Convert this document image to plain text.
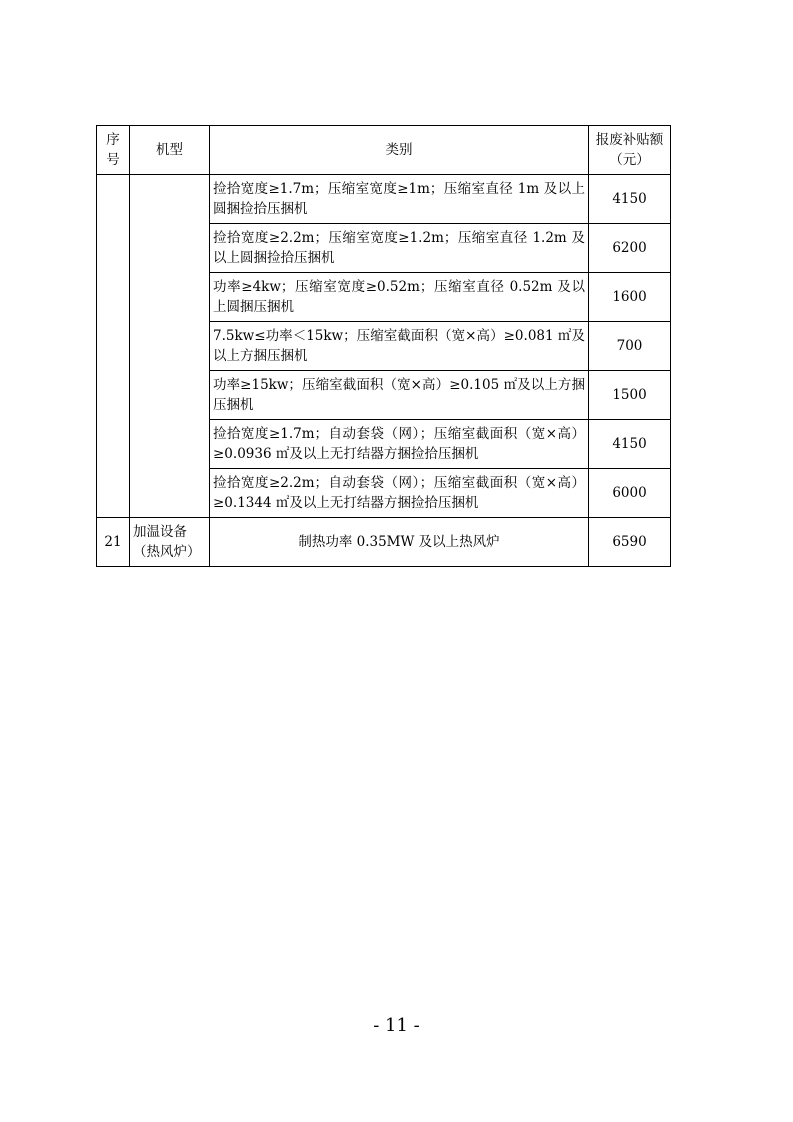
序号	机型	类别	报废补贴额（元）
		捡拾宽度≥1.7m；压缩室宽度≥1m；压缩室直径 1m 及以上圆捆捡拾压捆机	4150
		捡拾宽度≥2.2m；压缩室宽度≥1.2m；压缩室直径 1.2m 及以上圆捆捡拾压捆机	6200
		功率≥4kw；压缩室宽度≥0.52m；压缩室直径 0.52m 及以上圆捆压捆机	1600
		7.5kw≤功率＜15kw；压缩室截面积（宽×高）≥0.081 ㎡及以上方捆压捆机	700
		功率≥15kw；压缩室截面积（宽×高）≥0.105 ㎡及以上方捆压捆机	1500
		捡拾宽度≥1.7m；自动套袋（网）；压缩室截面积（宽×高）≥0.0936 ㎡及以上无打结器方捆捡拾压捆机	4150
		捡拾宽度≥2.2m；自动套袋（网）；压缩室截面积（宽×高）≥0.1344 ㎡及以上无打结器方捆捡拾压捆机	6000
21	加温设备（热风炉）	制热功率 0.35MW 及以上热风炉	6590
- 11 -
